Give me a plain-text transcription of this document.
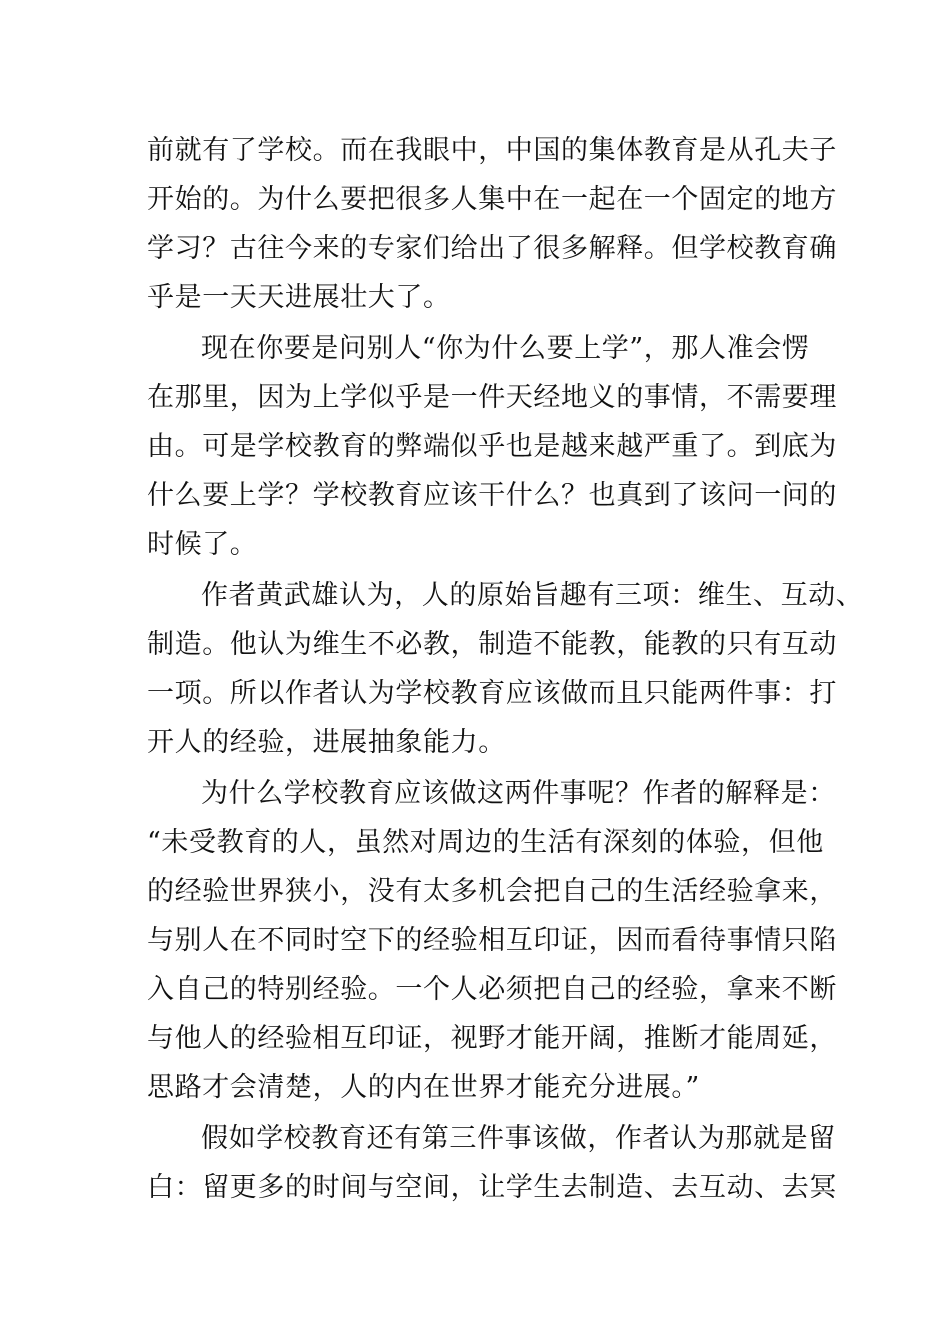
前就有了学校。而在我眼中，中国的集体教育是从孔夫子
开始的。为什么要把很多人集中在一起在一个固定的地方
学习？古往今来的专家们给出了很多解释。但学校教育确
乎是一天天进展壮大了。
现在你要是问别人“你为什么要上学”，那人准会愣
在那里，因为上学似乎是一件天经地义的事情，不需要理
由。可是学校教育的弊端似乎也是越来越严重了。到底为
什么要上学？学校教育应该干什么？也真到了该问一问的
时候了。
作者黄武雄认为，人的原始旨趣有三项：维生、互动、
制造。他认为维生不必教，制造不能教，能教的只有互动
一项。所以作者认为学校教育应该做而且只能两件事：打
开人的经验，进展抽象能力。
为什么学校教育应该做这两件事呢？作者的解释是：
“未受教育的人，虽然对周边的生活有深刻的体验，但他
的经验世界狭小，没有太多机会把自己的生活经验拿来，
与别人在不同时空下的经验相互印证，因而看待事情只陷
入自己的特别经验。一个人必须把自己的经验，拿来不断
与他人的经验相互印证，视野才能开阔，推断才能周延，
思路才会清楚，人的内在世界才能充分进展。”
假如学校教育还有第三件事该做，作者认为那就是留
白：留更多的时间与空间，让学生去制造、去互动、去冥
